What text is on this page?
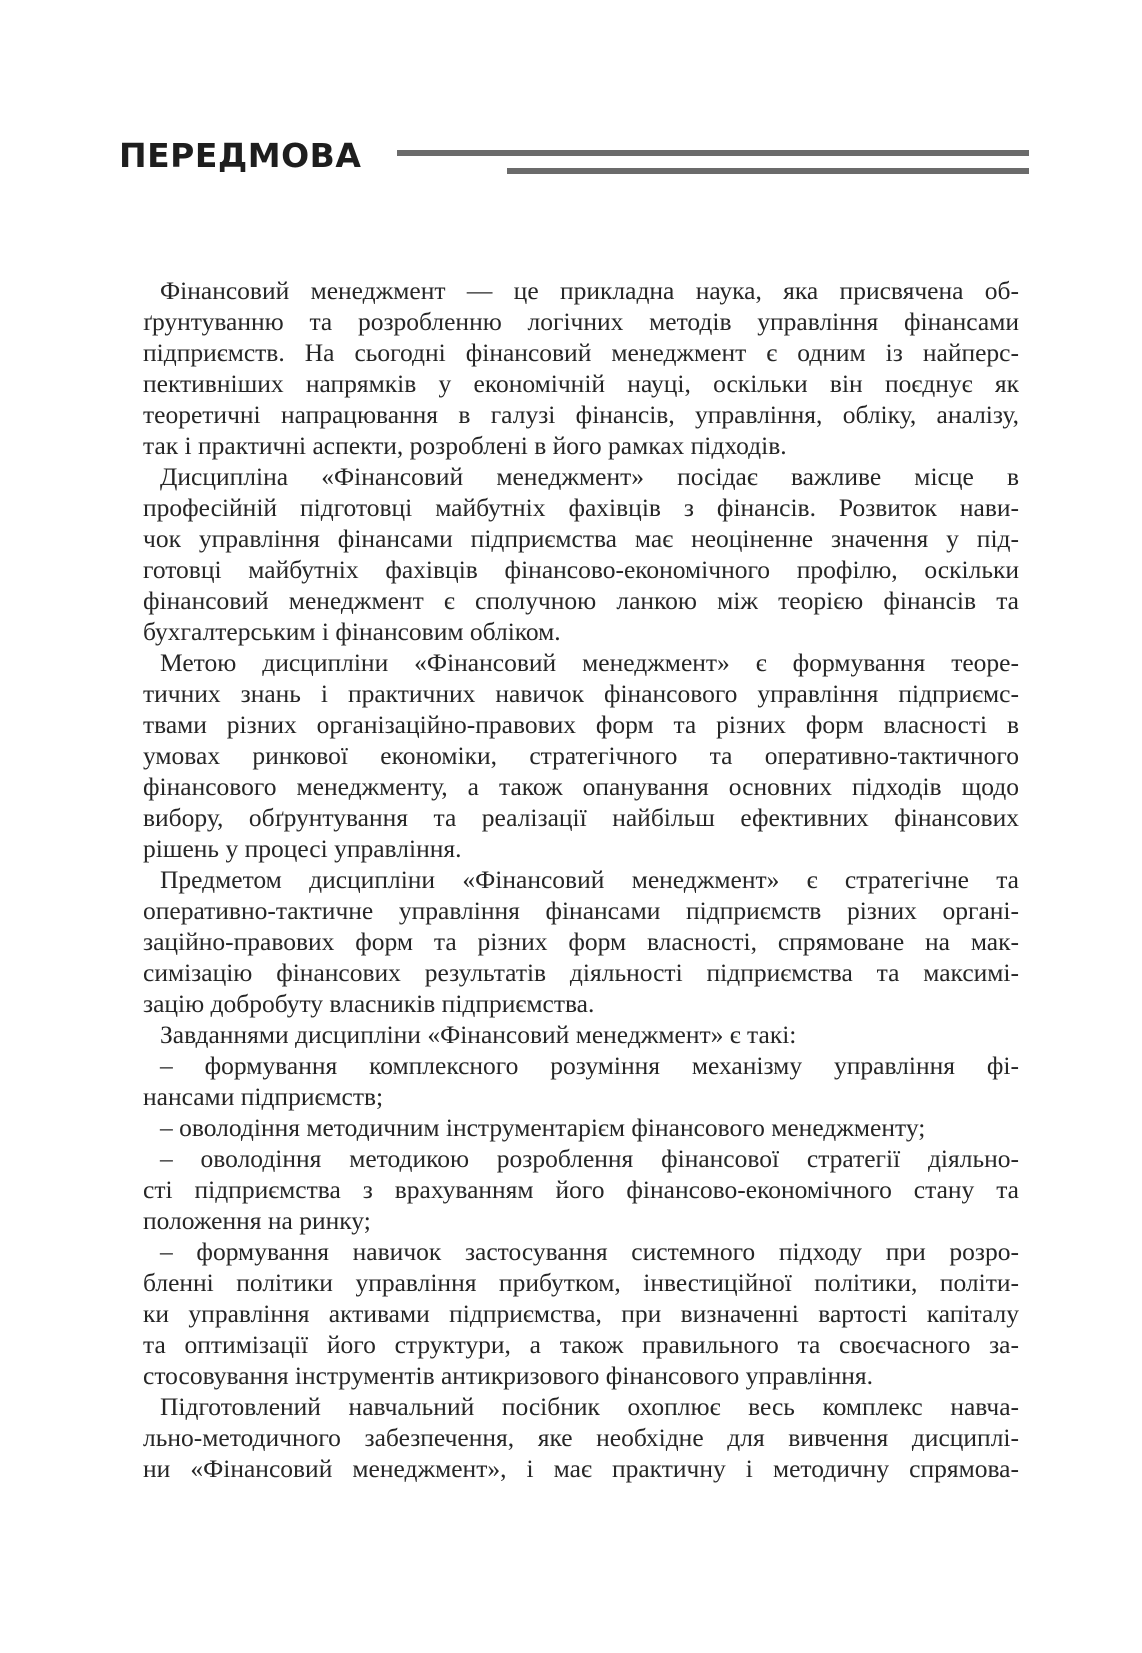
ПЕРЕДМОВА
Фінансовий менеджмент — це прикладна наука, яка присвячена об-
ґрунтуванню та розробленню логічних методів управління фінансами
підприємств. На сьогодні фінансовий менеджмент є одним із найперс-
пективніших напрямків у економічній науці, оскільки він поєднує як
теоретичні напрацювання в галузі фінансів, управління, обліку, аналізу,
так і практичні аспекти, розроблені в його рамках підходів.
Дисципліна «Фінансовий менеджмент» посідає важливе місце в
професійній підготовці майбутніх фахівців з фінансів. Розвиток нави-
чок управління фінансами підприємства має неоціненне значення у під-
готовці майбутніх фахівців фінансово-економічного профілю, оскільки
фінансовий менеджмент є сполучною ланкою між теорією фінансів та
бухгалтерським і фінансовим обліком.
Метою дисципліни «Фінансовий менеджмент» є формування теоре-
тичних знань і практичних навичок фінансового управління підприємс-
твами різних організаційно-правових форм та різних форм власності в
умовах ринкової економіки, стратегічного та оперативно-тактичного
фінансового менеджменту, а також опанування основних підходів щодо
вибору, обґрунтування та реалізації найбільш ефективних фінансових
рішень у процесі управління.
Предметом дисципліни «Фінансовий менеджмент» є стратегічне та
оперативно-тактичне управління фінансами підприємств різних органі-
заційно-правових форм та різних форм власності, спрямоване на мак-
симізацію фінансових результатів діяльності підприємства та максимі-
зацію добробуту власників підприємства.
Завданнями дисципліни «Фінансовий менеджмент» є такі:
– формування комплексного розуміння механізму управління фі-
нансами підприємств;
– оволодіння методичним інструментарієм фінансового менеджменту;
– оволодіння методикою розроблення фінансової стратегії діяльно-
сті підприємства з врахуванням його фінансово-економічного стану та
положення на ринку;
– формування навичок застосування системного підходу при розро-
бленні політики управління прибутком, інвестиційної політики, політи-
ки управління активами підприємства, при визначенні вартості капіталу
та оптимізації його структури, а також правильного та своєчасного за-
стосовування інструментів антикризового фінансового управління.
Підготовлений навчальний посібник охоплює весь комплекс навча-
льно-методичного забезпечення, яке необхідне для вивчення дисциплі-
ни «Фінансовий менеджмент», і має практичну і методичну спрямова-
